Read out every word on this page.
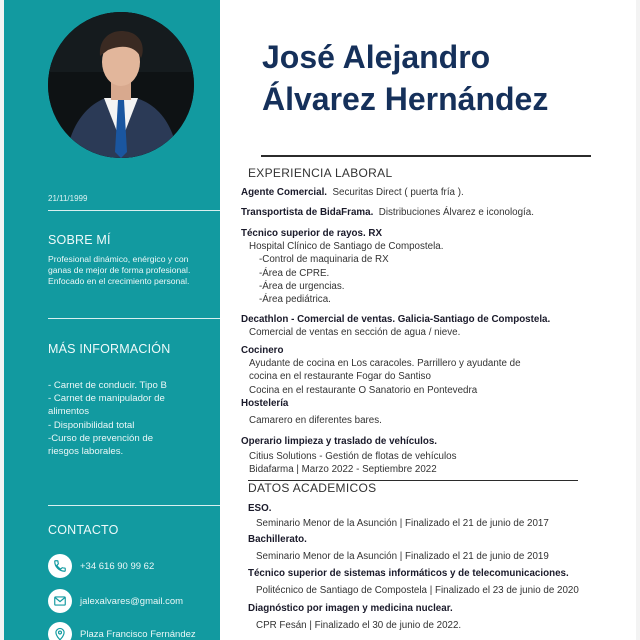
21/11/1999
SOBRE MÍ
Profesional dinámico, enérgico y con
ganas de mejor de forma profesional.
Enfocado en el crecimiento personal.
MÁS INFORMACIÓN
- Carnet de conducir. Tipo B
- Carnet de manipulador de
alimentos
- Disponibilidad total
-Curso de prevención de
riesgos laborales.
CONTACTO
+34 616 90 99 62
jalexalvares@gmail.com
Plaza Francisco Fernández
José Alejandro
Álvarez Hernández
EXPERIENCIA LABORAL
Agente Comercial. Securitas Direct ( puerta fría ).
Transportista de BidaFrama. Distribuciones Álvarez e iconología.
Técnico superior de rayos. RX
Hospital Clínico de Santiago de Compostela.
-Control de maquinaria de RX
-Área de CPRE.
-Área de urgencias.
-Área pediátrica.
Decathlon - Comercial de ventas. Galicia-Santiago de Compostela.
Comercial de ventas en sección de agua / nieve.
Cocinero
Ayudante de cocina en Los caracoles. Parrillero y ayudante de
cocina en el restaurante Fogar do Santiso
Cocina en el restaurante O Sanatorio en Pontevedra
Hostelería
Camarero en diferentes bares.
Operario limpieza y traslado de vehículos.
Citius Solutions - Gestión de flotas de vehículos
Bidafarma | Marzo 2022 - Septiembre 2022
DATOS ACADEMICOS
ESO.
Seminario Menor de la Asunción | Finalizado el 21 de junio de 2017
Bachillerato.
Seminario Menor de la Asunción | Finalizado el 21 de junio de 2019
Técnico superior de sistemas informáticos y de telecomunicaciones.
Politécnico de Santiago de Compostela | Finalizado el 23 de junio de 2020
Diagnóstico por imagen y medicina nuclear.
CPR Fesán | Finalizado el 30 de junio de 2022.
